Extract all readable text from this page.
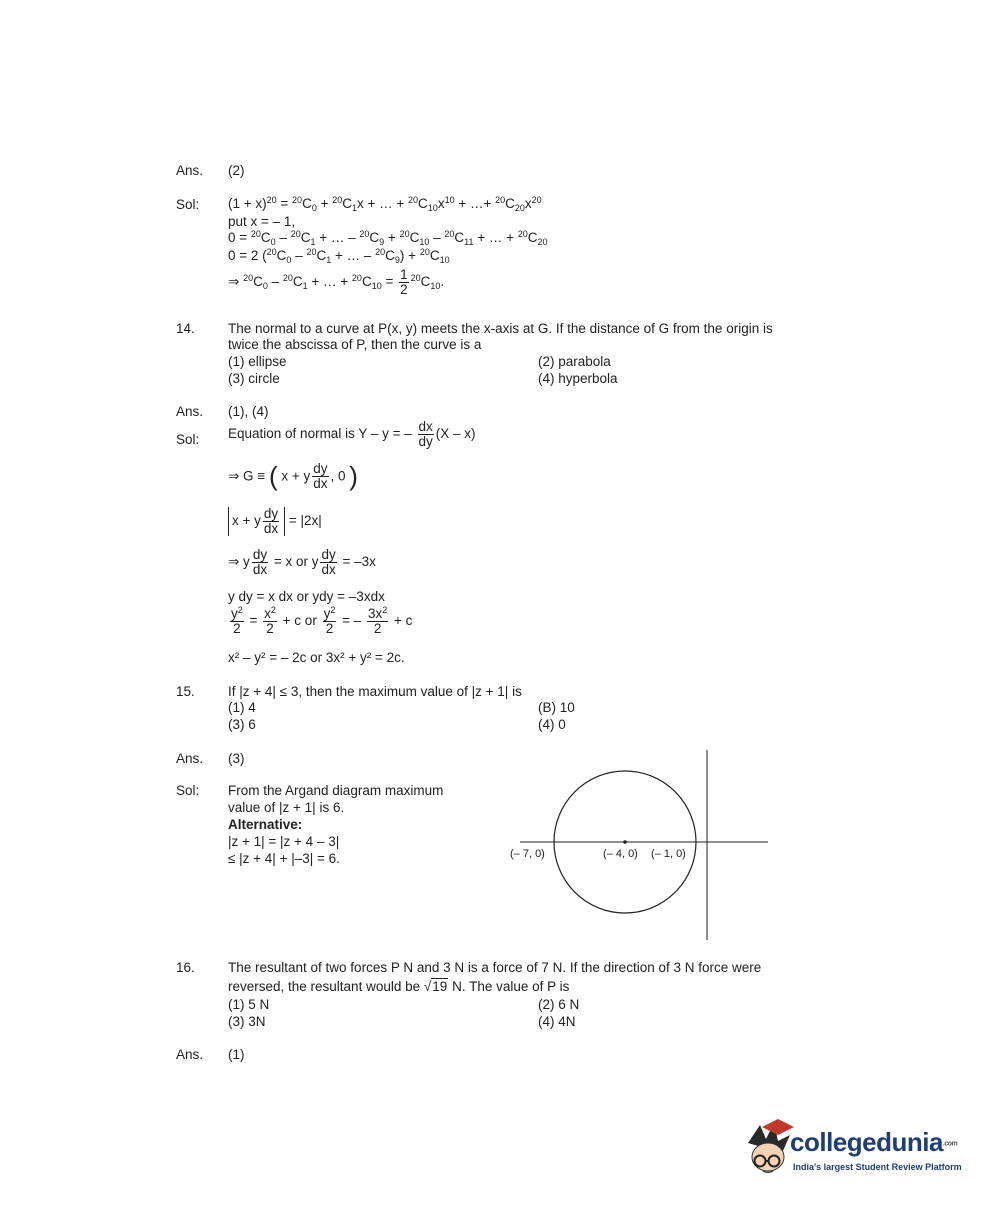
Ans. (2)
Sol: $(1 + x)^{20} = ^{20}C_0 + ^{20}C_1x$ + … + $^{20}C_{10}x^{10}$ + …+ $^{20}C_{20}x^{20}$
put x = – 1,
$0 = ^{20}C_0 - ^{20}C_1$ + … – $^{20}C_9 + ^{20}C_{10} - ^{20}C_{11}$ + … + $^{20}C_{20}$
0 = 2 ($^{20}C_0 - ^{20}C_1$ + … – $^{20}C_9) + ^{20}C_{10}$
⇒ $^{20}C_0 - ^{20}C_1$ + … + $^{20}C_{10} = \frac{1}{2} ^{20}C_{10}$.
14. The normal to a curve at P(x, y) meets the x-axis at G. If the distance of G from the origin is
twice the abscissa of P, then the curve is a
(1) ellipse	(2) parabola
(3) circle	(4) hyperbola
Ans. (1), (4)
Sol: Equation of normal is Y – y = – $\frac{dx}{dy} (X - x)$
⇒ G ≡ ( x + y $\frac{dy}{dx}$ , 0 )
x + y $\frac{dy}{dx} = |2x|$
⇒ y $\frac{dy}{dx} = x$ or y $\frac{dy}{dx} = -3x$
y dy = x dx or ydy = –3xdx
$\frac{y^2}{2} = \frac{x^2}{2} + c$ or $\frac{y^2}{2}$ = – $\frac{3x^2}{2} + c$
x² – y² = – 2c or 3x² + y² = 2c.
15. If |z + 4| ≤ 3, then the maximum value of |z + 1| is
(1) 4	(B) 10
(3) 6	(4) 0
Ans. (3)
Sol: From the Argand diagram maximum
value of |z + 1| is 6.
Alternative:
|z + 1| = |z + 4 – 3|
≤ |z + 4| + |–3| = 6.	(– 7, 0)	(– 4, 0) (– 1, 0)
16. The resultant of two forces P N and 3 N is a force of 7 N. If the direction of 3 N force were
reversed, the resultant would be √19 N. The value of P is
(1) 5 N	(2) 6 N
(3) 3N	(4) 4N
Ans. (1)
collegedunia.com
India's largest Student Review Platform
